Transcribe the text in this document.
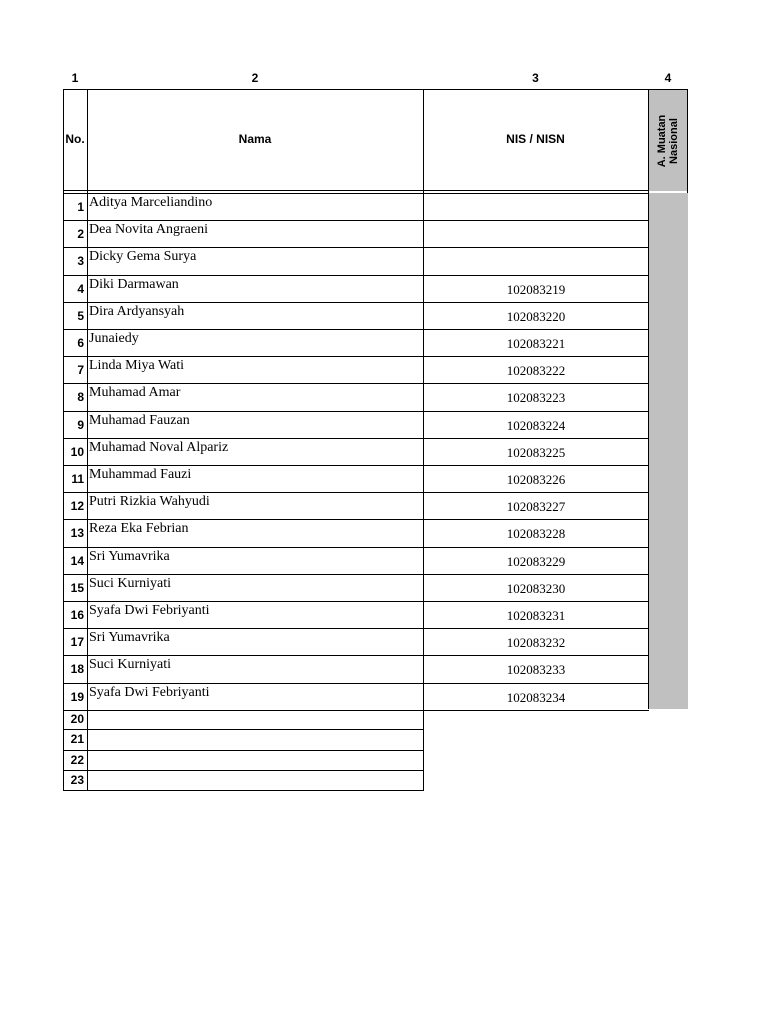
1	2	3	4
No.	Nama	NIS / NISN	A. Muatan Nasional
1 Aditya Marceliandino
2 Dea Novita Angraeni
3 Dicky Gema Surya
4 Diki Darmawan	102083219
5 Dira Ardyansyah	102083220
6 Junaiedy	102083221
7 Linda Miya Wati	102083222
8 Muhamad Amar	102083223
9 Muhamad Fauzan	102083224
10 Muhamad Noval Alpariz	102083225
11 Muhammad Fauzi	102083226
12 Putri Rizkia Wahyudi	102083227
13 Reza Eka Febrian	102083228
14 Sri Yumavrika	102083229
15 Suci Kurniyati	102083230
16 Syafa Dwi Febriyanti	102083231
17 Sri Yumavrika	102083232
18 Suci Kurniyati	102083233
19 Syafa Dwi Febriyanti	102083234
20
21
22
23
